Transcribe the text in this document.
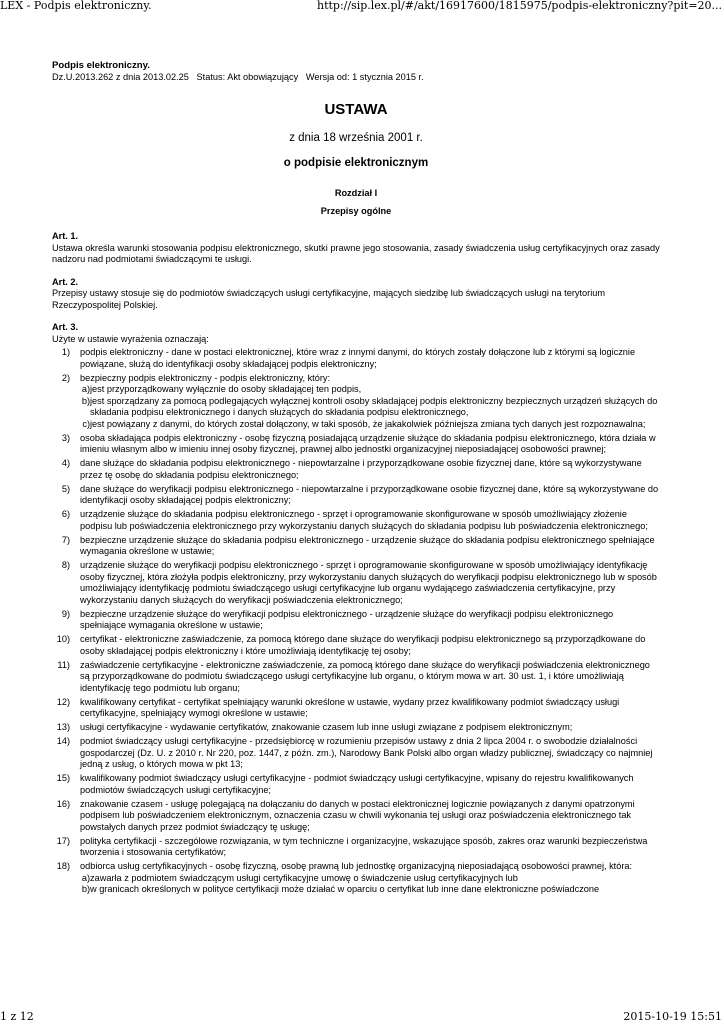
LEX - Podpis elektroniczny.	http://sip.lex.pl/#/akt/16917600/1815975/podpis-elektroniczny?pit=20...
Podpis elektroniczny.
Dz.U.2013.262 z dnia 2013.02.25   Status: Akt obowiązujący   Wersja od: 1 stycznia 2015 r.
USTAWA
z dnia 18 września 2001 r.
o podpisie elektronicznym
Rozdział I
Przepisy ogólne
Art. 1.
Ustawa określa warunki stosowania podpisu elektronicznego, skutki prawne jego stosowania, zasady świadczenia usług certyfikacyjnych oraz zasady nadzoru nad podmiotami świadczącymi te usługi.
Art. 2.
Przepisy ustawy stosuje się do podmiotów świadczących usługi certyfikacyjne, mających siedzibę lub świadczących usługi na terytorium Rzeczypospolitej Polskiej.
Art. 3.
Użyte w ustawie wyrażenia oznaczają:
1) podpis elektroniczny - dane w postaci elektronicznej, które wraz z innymi danymi, do których zostały dołączone lub z którymi są logicznie powiązane, służą do identyfikacji osoby składającej podpis elektroniczny;
2) bezpieczny podpis elektroniczny - podpis elektroniczny, który:
a) jest przyporządkowany wyłącznie do osoby składającej ten podpis,
b) jest sporządzany za pomocą podlegających wyłącznej kontroli osoby składającej podpis elektroniczny bezpiecznych urządzeń służących do składania podpisu elektronicznego i danych służących do składania podpisu elektronicznego,
c) jest powiązany z danymi, do których został dołączony, w taki sposób, że jakakolwiek późniejsza zmiana tych danych jest rozpoznawalna;
3) osoba składająca podpis elektroniczny - osobę fizyczną posiadającą urządzenie służące do składania podpisu elektronicznego, która działa w imieniu własnym albo w imieniu innej osoby fizycznej, prawnej albo jednostki organizacyjnej nieposiadającej osobowości prawnej;
4) dane służące do składania podpisu elektronicznego - niepowtarzalne i przyporządkowane osobie fizycznej dane, które są wykorzystywane przez tę osobę do składania podpisu elektronicznego;
5) dane służące do weryfikacji podpisu elektronicznego - niepowtarzalne i przyporządkowane osobie fizycznej dane, które są wykorzystywane do identyfikacji osoby składającej podpis elektroniczny;
6) urządzenie służące do składania podpisu elektronicznego - sprzęt i oprogramowanie skonfigurowane w sposób umożliwiający złożenie podpisu lub poświadczenia elektronicznego przy wykorzystaniu danych służących do składania podpisu lub poświadczenia elektronicznego;
7) bezpieczne urządzenie służące do składania podpisu elektronicznego - urządzenie służące do składania podpisu elektronicznego spełniające wymagania określone w ustawie;
8) urządzenie służące do weryfikacji podpisu elektronicznego - sprzęt i oprogramowanie skonfigurowane w sposób umożliwiający identyfikację osoby fizycznej, która złożyła podpis elektroniczny, przy wykorzystaniu danych służących do weryfikacji podpisu elektronicznego lub w sposób umożliwiający identyfikację podmiotu świadczącego usługi certyfikacyjne lub organu wydającego zaświadczenia certyfikacyjne, przy wykorzystaniu danych służących do weryfikacji poświadczenia elektronicznego;
9) bezpieczne urządzenie służące do weryfikacji podpisu elektronicznego - urządzenie służące do weryfikacji podpisu elektronicznego spełniające wymagania określone w ustawie;
10) certyfikat - elektroniczne zaświadczenie, za pomocą którego dane służące do weryfikacji podpisu elektronicznego są przyporządkowane do osoby składającej podpis elektroniczny i które umożliwiają identyfikację tej osoby;
11) zaświadczenie certyfikacyjne - elektroniczne zaświadczenie, za pomocą którego dane służące do weryfikacji poświadczenia elektronicznego są przyporządkowane do podmiotu świadczącego usługi certyfikacyjne lub organu, o którym mowa w art. 30 ust. 1, i które umożliwiają identyfikację tego podmiotu lub organu;
12) kwalifikowany certyfikat - certyfikat spełniający warunki określone w ustawie, wydany przez kwalifikowany podmiot świadczący usługi certyfikacyjne, spełniający wymogi określone w ustawie;
13) usługi certyfikacyjne - wydawanie certyfikatów, znakowanie czasem lub inne usługi związane z podpisem elektronicznym;
14) podmiot świadczący usługi certyfikacyjne - przedsiębiorcę w rozumieniu przepisów ustawy z dnia 2 lipca 2004 r. o swobodzie działalności gospodarczej (Dz. U. z 2010 r. Nr 220, poz. 1447, z późn. zm.), Narodowy Bank Polski albo organ władzy publicznej, świadczący co najmniej jedną z usług, o których mowa w pkt 13;
15) kwalifikowany podmiot świadczący usługi certyfikacyjne - podmiot świadczący usługi certyfikacyjne, wpisany do rejestru kwalifikowanych podmiotów świadczących usługi certyfikacyjne;
16) znakowanie czasem - usługę polegającą na dołączaniu do danych w postaci elektronicznej logicznie powiązanych z danymi opatrzonymi podpisem lub poświadczeniem elektronicznym, oznaczenia czasu w chwili wykonania tej usługi oraz poświadczenia elektronicznego tak powstałych danych przez podmiot świadczący tę usługę;
17) polityka certyfikacji - szczegółowe rozwiązania, w tym techniczne i organizacyjne, wskazujące sposób, zakres oraz warunki bezpieczeństwa tworzenia i stosowania certyfikatów;
18) odbiorca usług certyfikacyjnych - osobę fizyczną, osobę prawną lub jednostkę organizacyjną nieposiadającą osobowości prawnej, która:
a) zawarła z podmiotem świadczącym usługi certyfikacyjne umowę o świadczenie usług certyfikacyjnych lub
b) w granicach określonych w polityce certyfikacji może działać w oparciu o certyfikat lub inne dane elektroniczne poświadczone
1 z 12	2015-10-19 15:51
